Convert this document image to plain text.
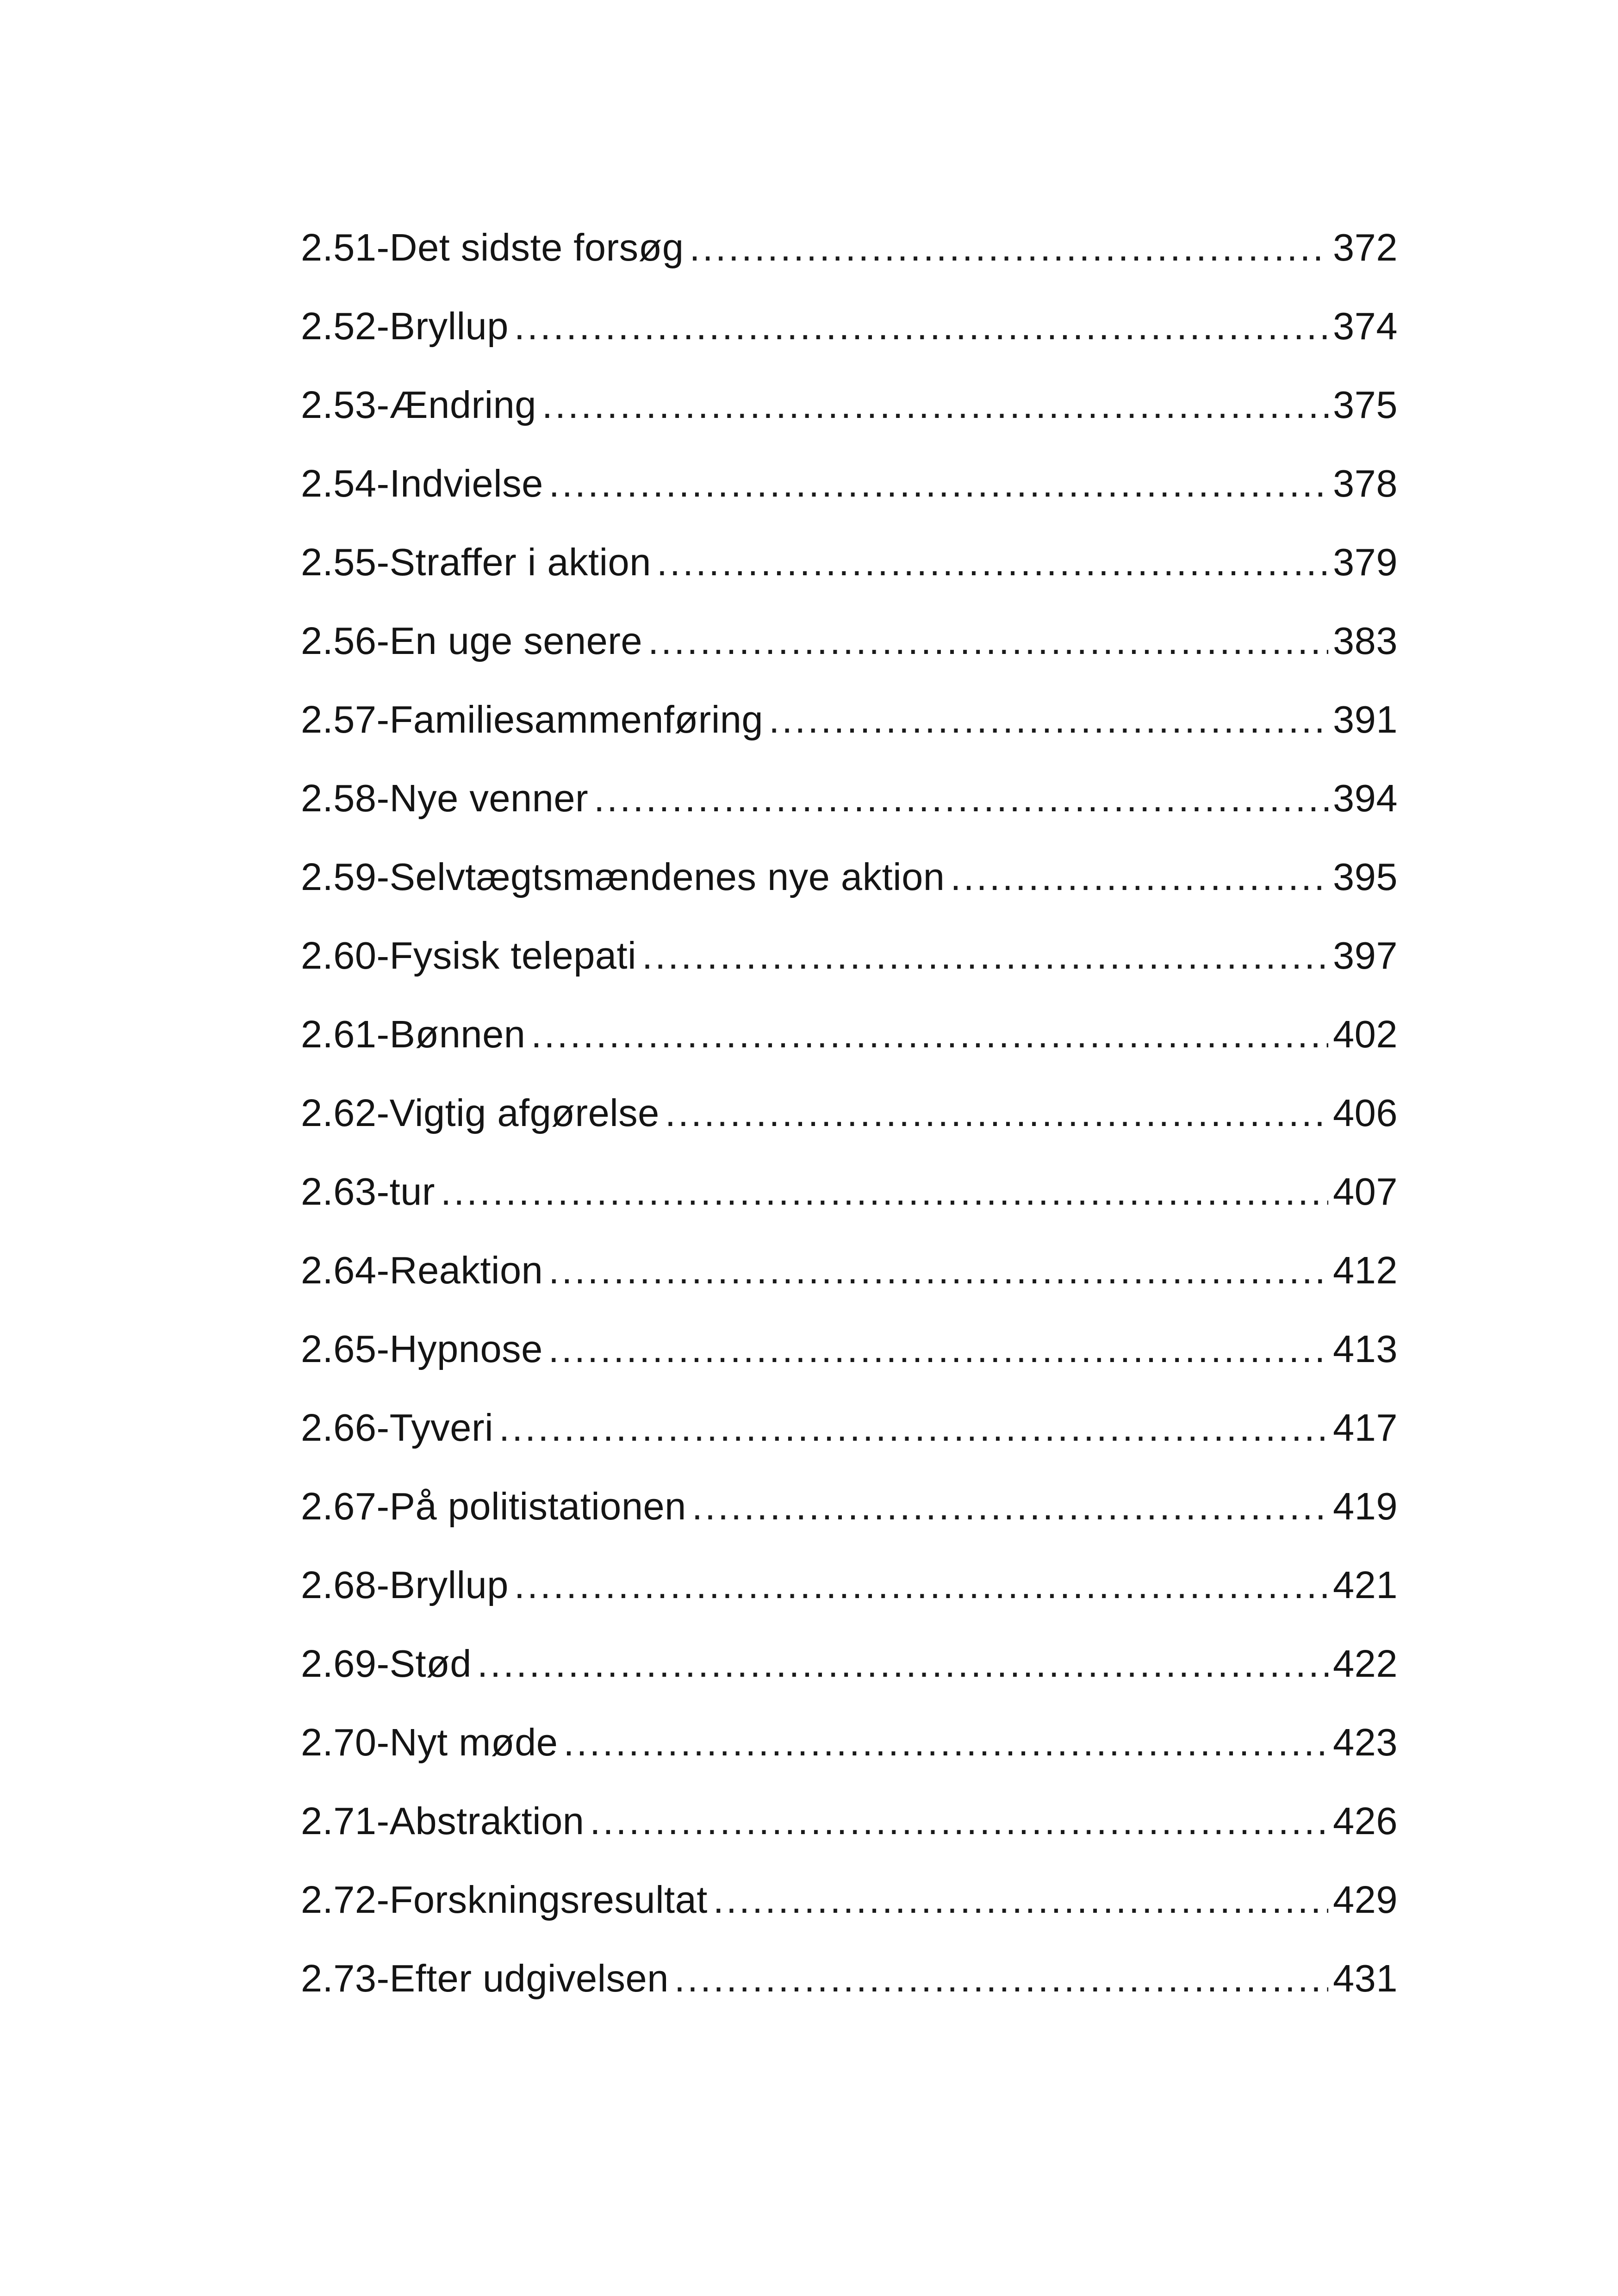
2.51-Det sidste forsøg .....	372
2.52-Bryllup .....	374
2.53-Ændring .....	375
2.54-Indvielse .....	378
2.55-Straffer i aktion .....	379
2.56-En uge senere .....	383
2.57-Familiesammenføring .....	391
2.58-Nye venner .....	394
2.59-Selvtægtsmændenes nye aktion .....	395
2.60-Fysisk telepati .....	397
2.61-Bønnen .....	402
2.62-Vigtig afgørelse .....	406
2.63-tur .....	407
2.64-Reaktion .....	412
2.65-Hypnose .....	413
2.66-Tyveri .....	417
2.67-På politistationen .....	419
2.68-Bryllup .....	421
2.69-Stød .....	422
2.70-Nyt møde .....	423
2.71-Abstraktion .....	426
2.72-Forskningsresultat .....	429
2.73-Efter udgivelsen .....	431
